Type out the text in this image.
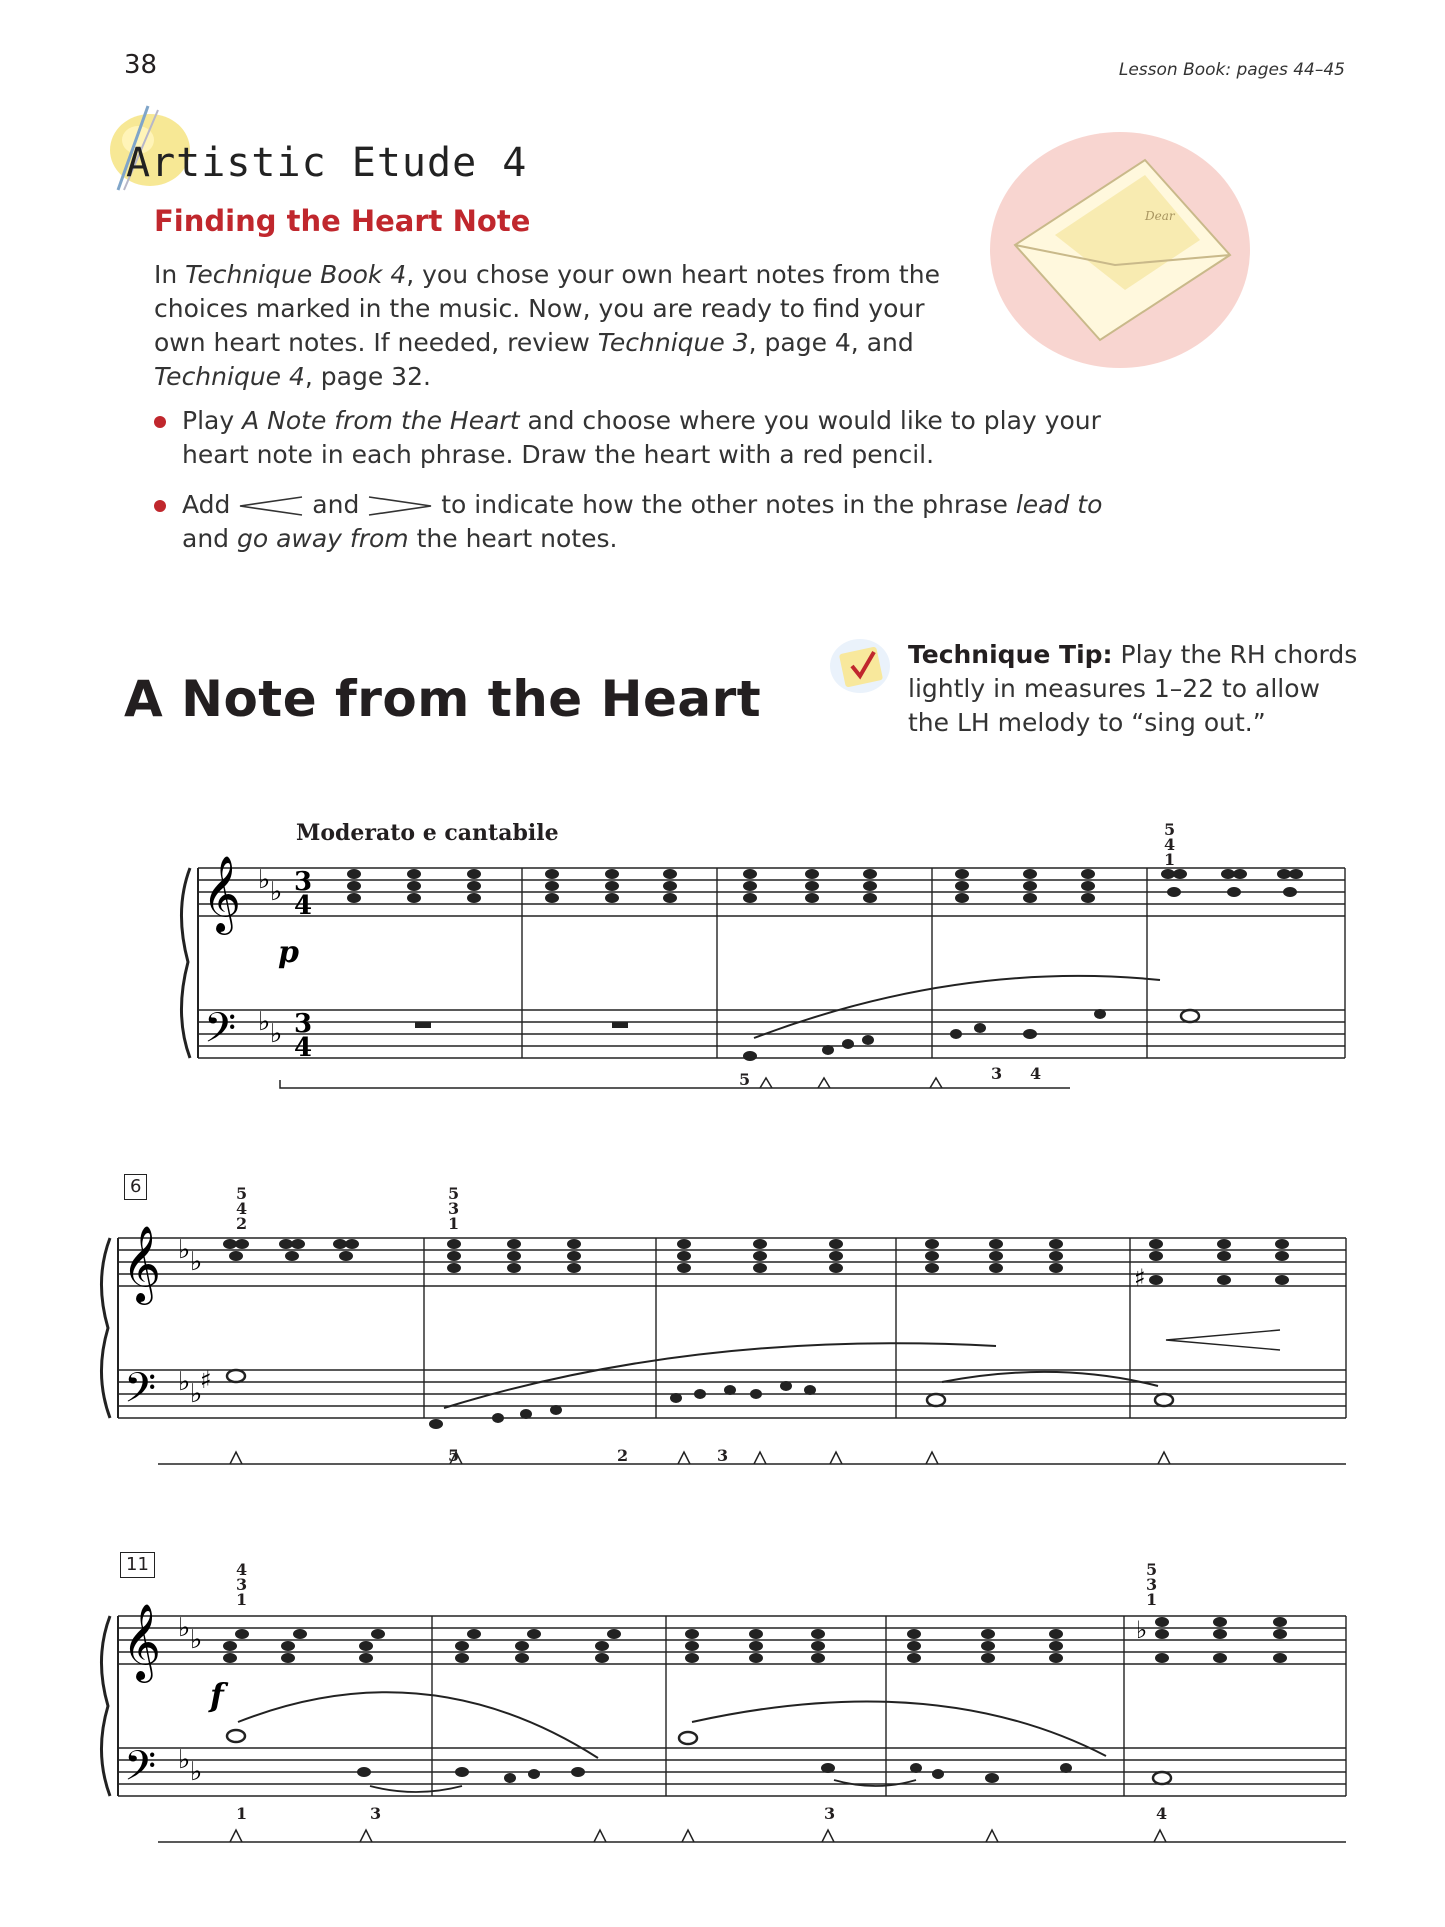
38	Lesson Book: pages 44–45
Artistic Etude 4
Dear
Finding the Heart Note
In Technique Book 4, you chose your own heart notes from the choices marked in the music. Now, you are ready to find your own heart notes. If needed, review Technique 3, page 4, and Technique 4, page 32.
Play A Note from the Heart and choose where you would like to play your heart note in each phrase. Draw the heart with a red pencil.
Add	and	to indicate how the other notes in the phrase lead to
and go away from the heart notes.
A Note from the Heart
Technique Tip: Play the RH chords lightly in measures 1–22 to allow the LH melody to “sing out.”
Moderato e cantabile
𝄞
𝄢
♭ ♭
♭ ♭
3
4
3
4
p
5
4
1
5	3 4
6
𝄞
𝄢
♭ ♭
♭ ♭
♯
♯
5
4
2
5
3
1
5	2	3
11
𝄞
𝄢
♭ ♭
♭ ♭
♭
f
4
3
1
5
3
1
1	3	3	4
